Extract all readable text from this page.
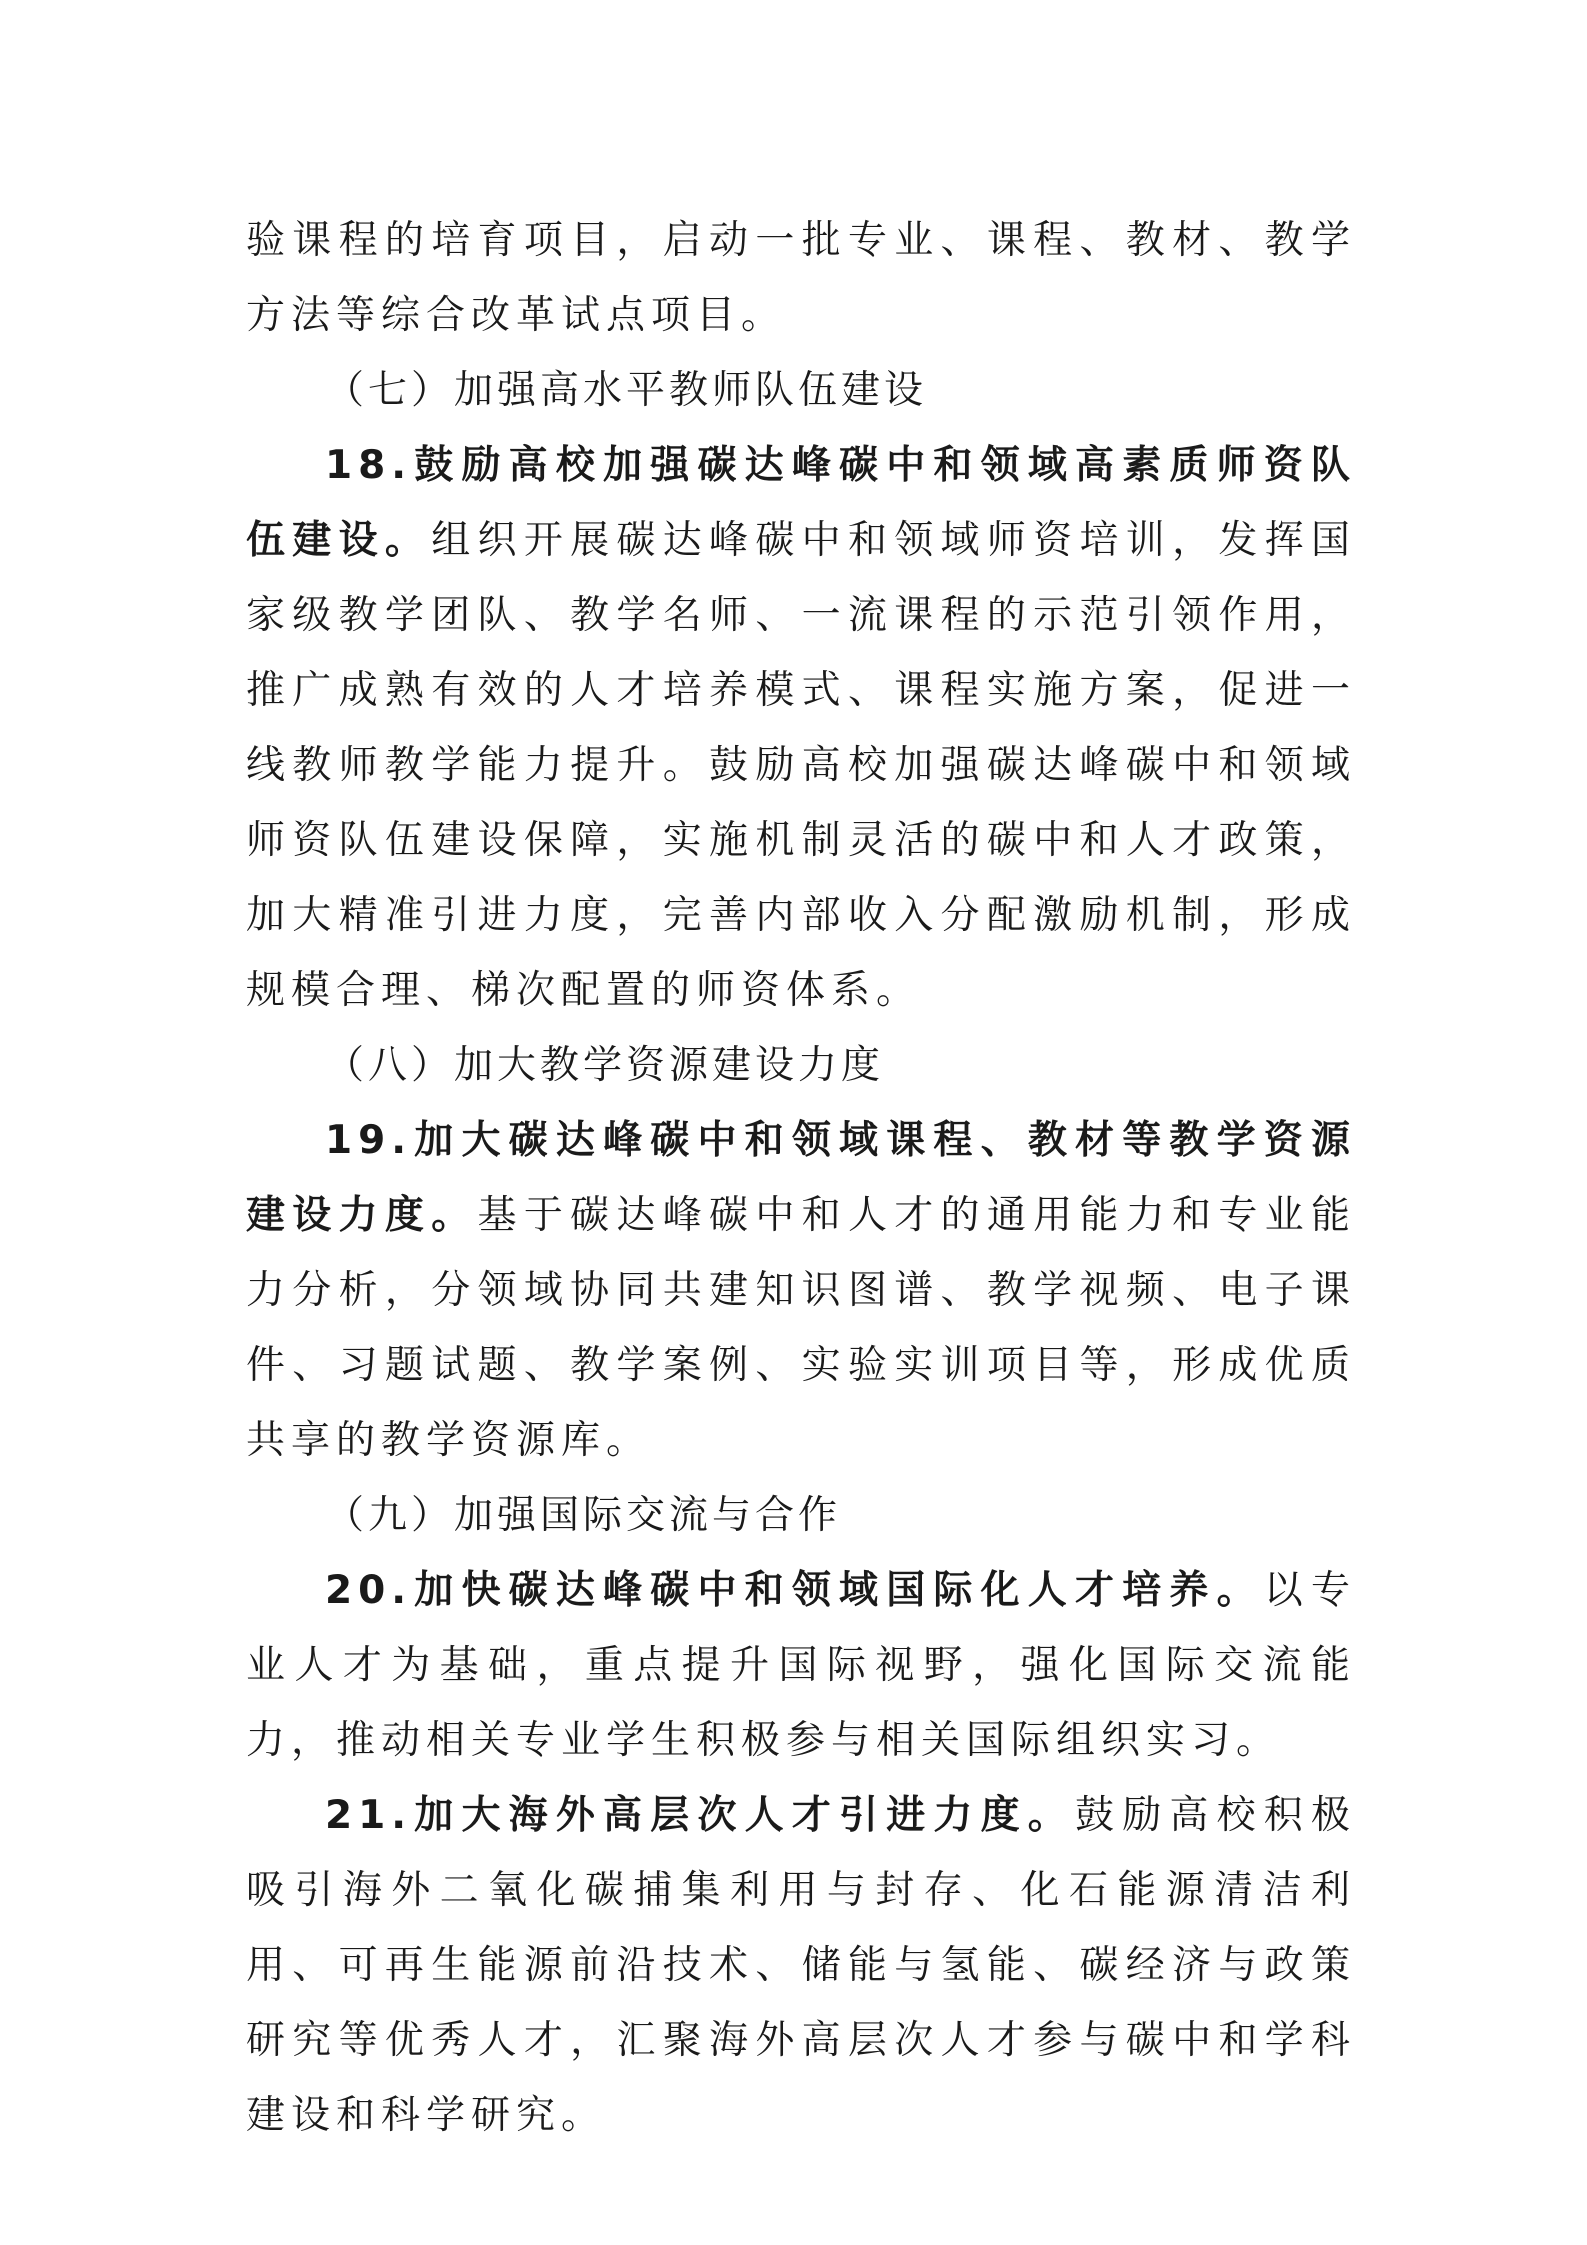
验课程的培育项目，启动一批专业、课程、教材、教学方法等综合改革试点项目。

（七）加强高水平教师队伍建设

18.鼓励高校加强碳达峰碳中和领域高素质师资队伍建设。组织开展碳达峰碳中和领域师资培训，发挥国家级教学团队、教学名师、一流课程的示范引领作用，推广成熟有效的人才培养模式、课程实施方案，促进一线教师教学能力提升。鼓励高校加强碳达峰碳中和领域师资队伍建设保障，实施机制灵活的碳中和人才政策，加大精准引进力度，完善内部收入分配激励机制，形成规模合理、梯次配置的师资体系。

（八）加大教学资源建设力度

19.加大碳达峰碳中和领域课程、教材等教学资源建设力度。基于碳达峰碳中和人才的通用能力和专业能力分析，分领域协同共建知识图谱、教学视频、电子课件、习题试题、教学案例、实验实训项目等，形成优质共享的教学资源库。

（九）加强国际交流与合作

20.加快碳达峰碳中和领域国际化人才培养。以专业人才为基础，重点提升国际视野，强化国际交流能力，推动相关专业学生积极参与相关国际组织实习。

21.加大海外高层次人才引进力度。鼓励高校积极吸引海外二氧化碳捕集利用与封存、化石能源清洁利用、可再生能源前沿技术、储能与氢能、碳经济与政策研究等优秀人才，汇聚海外高层次人才参与碳中和学科建设和科学研究。
